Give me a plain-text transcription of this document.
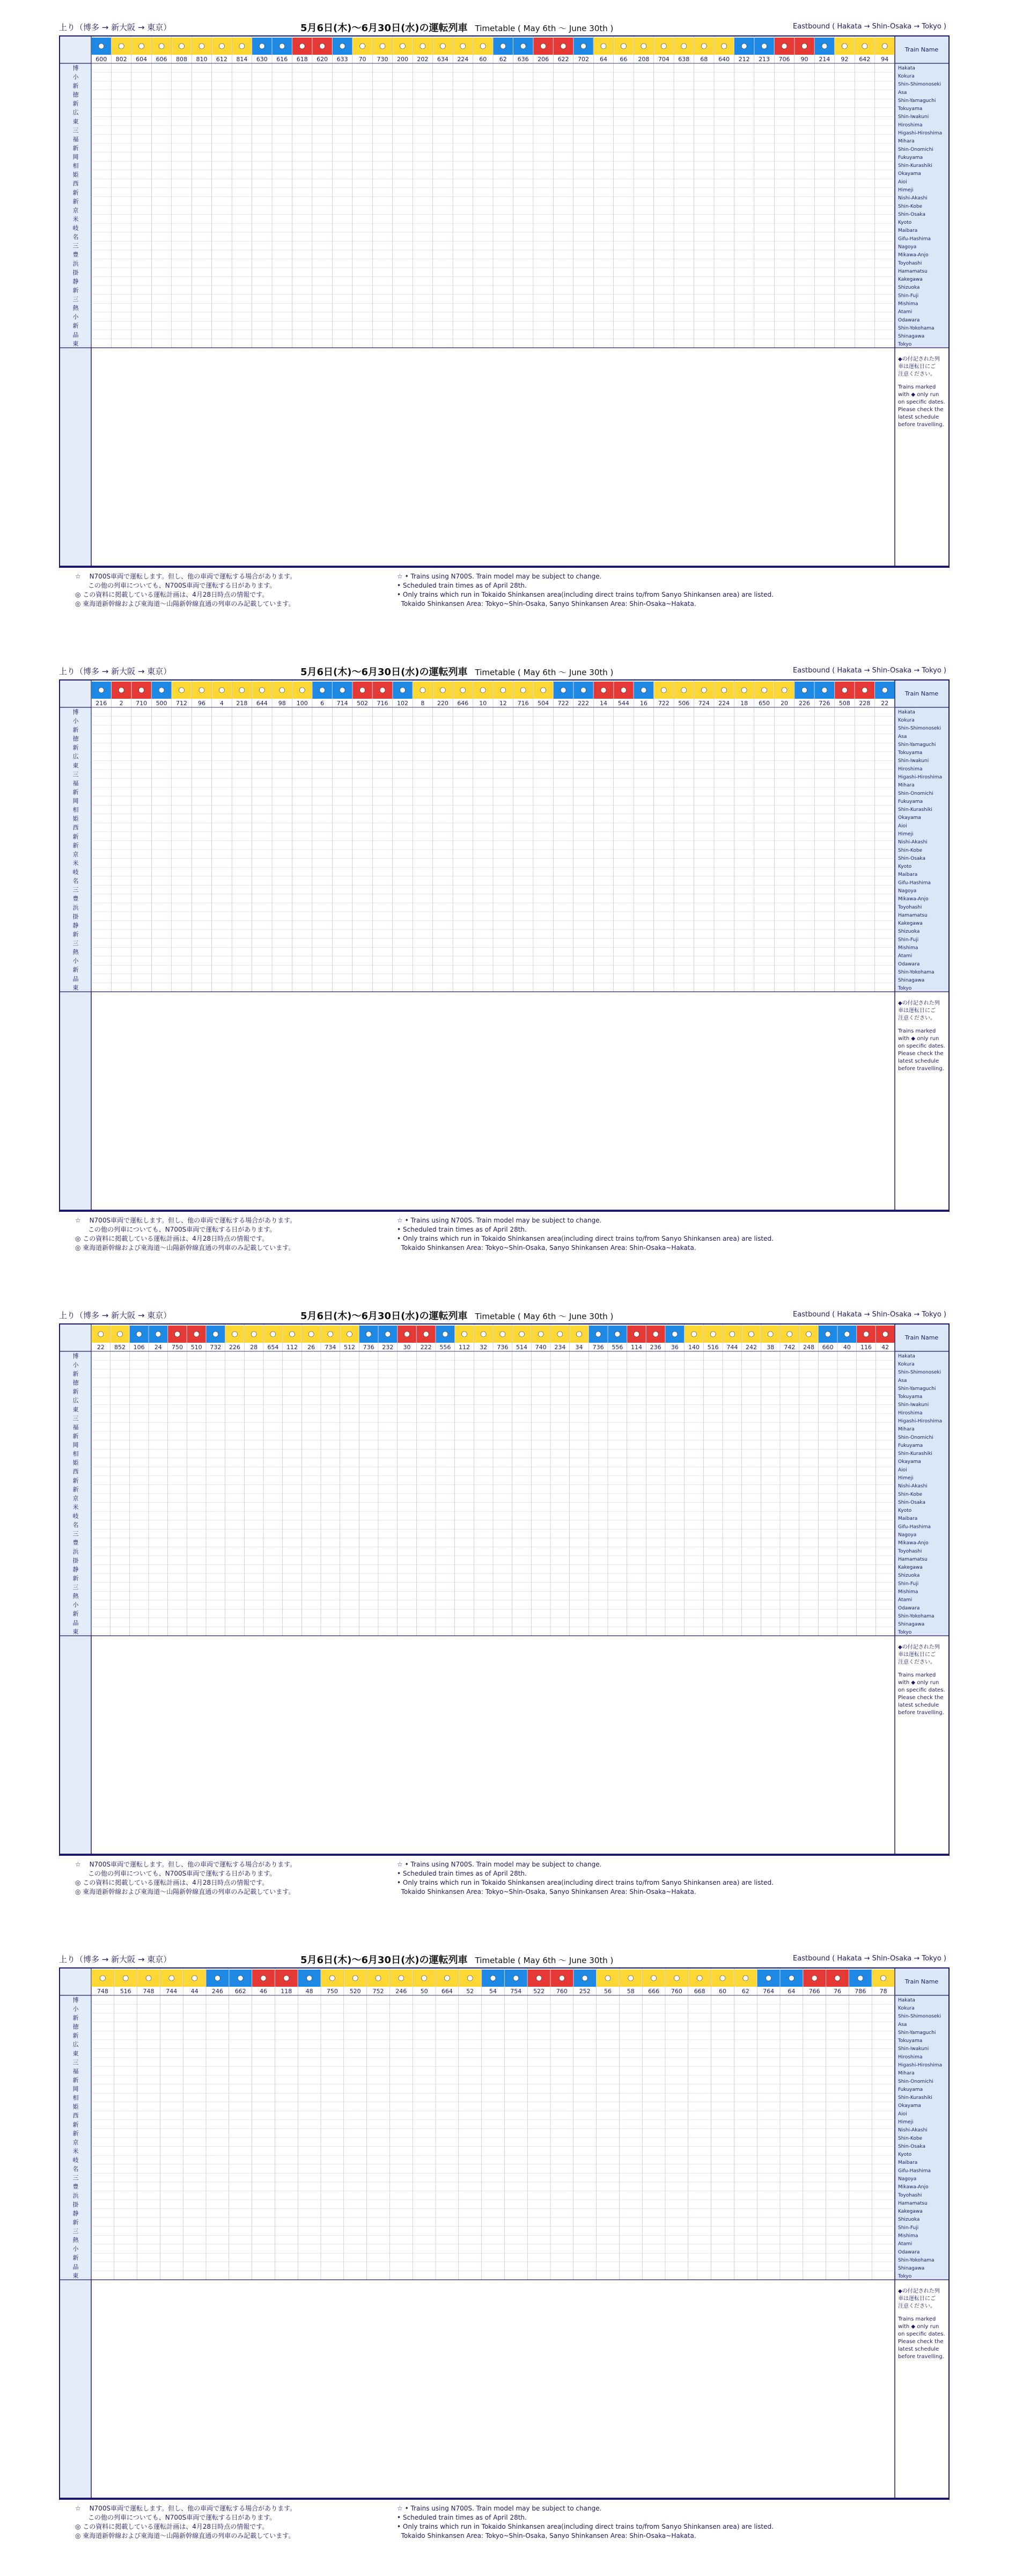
上り（博多 → 新大阪 → 東京）	5月6日(木)～6月30日(水)の運転列車 Timetable ( May 6th ～ June 30th )	Eastbound ( Hakata → Shin-Osaka → Tokyo )
博
小
新
徳
新
広
東
三
福
新
岡
相
姫
西
新
新
京
米
岐
名
三
豊
浜
掛
静
新
三
熱
小
新
品
東
Train Name
Hakata
Kokura
Shin-Shimonoseki
Asa
Shin-Yamaguchi
Tokuyama
Shin-Iwakuni
Hiroshima
Higashi-Hiroshima
Mihara
Shin-Onomichi
Fukuyama
Shin-Kurashiki
Okayama
Aioi
Himeji
Nishi-Akashi
Shin-Kobe
Shin-Osaka
Kyoto
Maibara
Gifu-Hashima
Nagoya
Mikawa-Anjo
Toyohashi
Hamamatsu
Kakegawa
Shizuoka
Shin-Fuji
Mishima
Atami
Odawara
Shin-Yokohama
Shinagawa
Tokyo
◆の付記された列
車は運転日にご
注意ください。
Trains marked
with ◆ only run
on specific dates.
Please check the
latest schedule
before travelling.
600 802 604 606 808 810 612 814 630 616 618 620 633 70 730 200 202 634 224 60 62 636 206 622 702 64 66 208 704 638 68 640 212 213 706 90 214 92 642 94
☆ 　N700S車両で運転します。但し、他の車両で運転する場合があります。
　　この他の列車についても、N700S車両で運転する日があります。
◎ この資料に掲載している運転計画は、4月28日時点の情報です。
◎ 東海道新幹線および東海道～山陽新幹線直通の列車のみ記載しています。
☆ • Trains using N700S. Train model may be subject to change.
• Scheduled train times as of April 28th.
• Only trains which run in Tokaido Shinkansen area(including direct trains to/from Sanyo Shinkansen area) are listed.
Tokaido Shinkansen Area: Tokyo~Shin-Osaka, Sanyo Shinkansen Area: Shin-Osaka~Hakata.
上り（博多 → 新大阪 → 東京）	5月6日(木)～6月30日(水)の運転列車 Timetable ( May 6th ～ June 30th )	Eastbound ( Hakata → Shin-Osaka → Tokyo )
博
小
新
徳
新
広
東
三
福
新
岡
相
姫
西
新
新
京
米
岐
名
三
豊
浜
掛
静
新
三
熱
小
新
品
東
Train Name
Hakata
Kokura
Shin-Shimonoseki
Asa
Shin-Yamaguchi
Tokuyama
Shin-Iwakuni
Hiroshima
Higashi-Hiroshima
Mihara
Shin-Onomichi
Fukuyama
Shin-Kurashiki
Okayama
Aioi
Himeji
Nishi-Akashi
Shin-Kobe
Shin-Osaka
Kyoto
Maibara
Gifu-Hashima
Nagoya
Mikawa-Anjo
Toyohashi
Hamamatsu
Kakegawa
Shizuoka
Shin-Fuji
Mishima
Atami
Odawara
Shin-Yokohama
Shinagawa
Tokyo
◆の付記された列
車は運転日にご
注意ください。
Trains marked
with ◆ only run
on specific dates.
Please check the
latest schedule
before travelling.
216 2 710 500 712 96 4 218 644 98 100 6 714 502 716 102 8 220 646 10 12 716 504 722 222 14 544 16 722 506 724 224 18 650 20 226 726 508 228 22
☆ 　N700S車両で運転します。但し、他の車両で運転する場合があります。
　　この他の列車についても、N700S車両で運転する日があります。
◎ この資料に掲載している運転計画は、4月28日時点の情報です。
◎ 東海道新幹線および東海道～山陽新幹線直通の列車のみ記載しています。
☆ • Trains using N700S. Train model may be subject to change.
• Scheduled train times as of April 28th.
• Only trains which run in Tokaido Shinkansen area(including direct trains to/from Sanyo Shinkansen area) are listed.
Tokaido Shinkansen Area: Tokyo~Shin-Osaka, Sanyo Shinkansen Area: Shin-Osaka~Hakata.
上り（博多 → 新大阪 → 東京）	5月6日(木)～6月30日(水)の運転列車 Timetable ( May 6th ～ June 30th )	Eastbound ( Hakata → Shin-Osaka → Tokyo )
博
小
新
徳
新
広
東
三
福
新
岡
相
姫
西
新
新
京
米
岐
名
三
豊
浜
掛
静
新
三
熱
小
新
品
東
Train Name
Hakata
Kokura
Shin-Shimonoseki
Asa
Shin-Yamaguchi
Tokuyama
Shin-Iwakuni
Hiroshima
Higashi-Hiroshima
Mihara
Shin-Onomichi
Fukuyama
Shin-Kurashiki
Okayama
Aioi
Himeji
Nishi-Akashi
Shin-Kobe
Shin-Osaka
Kyoto
Maibara
Gifu-Hashima
Nagoya
Mikawa-Anjo
Toyohashi
Hamamatsu
Kakegawa
Shizuoka
Shin-Fuji
Mishima
Atami
Odawara
Shin-Yokohama
Shinagawa
Tokyo
◆の付記された列
車は運転日にご
注意ください。
Trains marked
with ◆ only run
on specific dates.
Please check the
latest schedule
before travelling.
22 852 106 24 750 510 732 226 28 654 112 26 734 512 736 232 30 222 556 112 32 736 514 740 234 34 736 556 114 236 36 140 516 744 242 38 742 248 660 40 116 42
☆ 　N700S車両で運転します。但し、他の車両で運転する場合があります。
　　この他の列車についても、N700S車両で運転する日があります。
◎ この資料に掲載している運転計画は、4月28日時点の情報です。
◎ 東海道新幹線および東海道～山陽新幹線直通の列車のみ記載しています。
☆ • Trains using N700S. Train model may be subject to change.
• Scheduled train times as of April 28th.
• Only trains which run in Tokaido Shinkansen area(including direct trains to/from Sanyo Shinkansen area) are listed.
Tokaido Shinkansen Area: Tokyo~Shin-Osaka, Sanyo Shinkansen Area: Shin-Osaka~Hakata.
上り（博多 → 新大阪 → 東京）	5月6日(木)～6月30日(水)の運転列車 Timetable ( May 6th ～ June 30th )	Eastbound ( Hakata → Shin-Osaka → Tokyo )
博
小
新
徳
新
広
東
三
福
新
岡
相
姫
西
新
新
京
米
岐
名
三
豊
浜
掛
静
新
三
熱
小
新
品
東
Train Name
Hakata
Kokura
Shin-Shimonoseki
Asa
Shin-Yamaguchi
Tokuyama
Shin-Iwakuni
Hiroshima
Higashi-Hiroshima
Mihara
Shin-Onomichi
Fukuyama
Shin-Kurashiki
Okayama
Aioi
Himeji
Nishi-Akashi
Shin-Kobe
Shin-Osaka
Kyoto
Maibara
Gifu-Hashima
Nagoya
Mikawa-Anjo
Toyohashi
Hamamatsu
Kakegawa
Shizuoka
Shin-Fuji
Mishima
Atami
Odawara
Shin-Yokohama
Shinagawa
Tokyo
◆の付記された列
車は運転日にご
注意ください。
Trains marked
with ◆ only run
on specific dates.
Please check the
latest schedule
before travelling.
748 516 748 744 44 246 662 46 118 48 750 520 752 246 50 664 52	54 754 522 760 252 56	58 666 760 668 60	62 764 64 766 76 786 78
☆ 　N700S車両で運転します。但し、他の車両で運転する場合があります。
　　この他の列車についても、N700S車両で運転する日があります。
◎ この資料に掲載している運転計画は、4月28日時点の情報です。
◎ 東海道新幹線および東海道～山陽新幹線直通の列車のみ記載しています。
☆ • Trains using N700S. Train model may be subject to change.
• Scheduled train times as of April 28th.
• Only trains which run in Tokaido Shinkansen area(including direct trains to/from Sanyo Shinkansen area) are listed.
Tokaido Shinkansen Area: Tokyo~Shin-Osaka, Sanyo Shinkansen Area: Shin-Osaka~Hakata.
